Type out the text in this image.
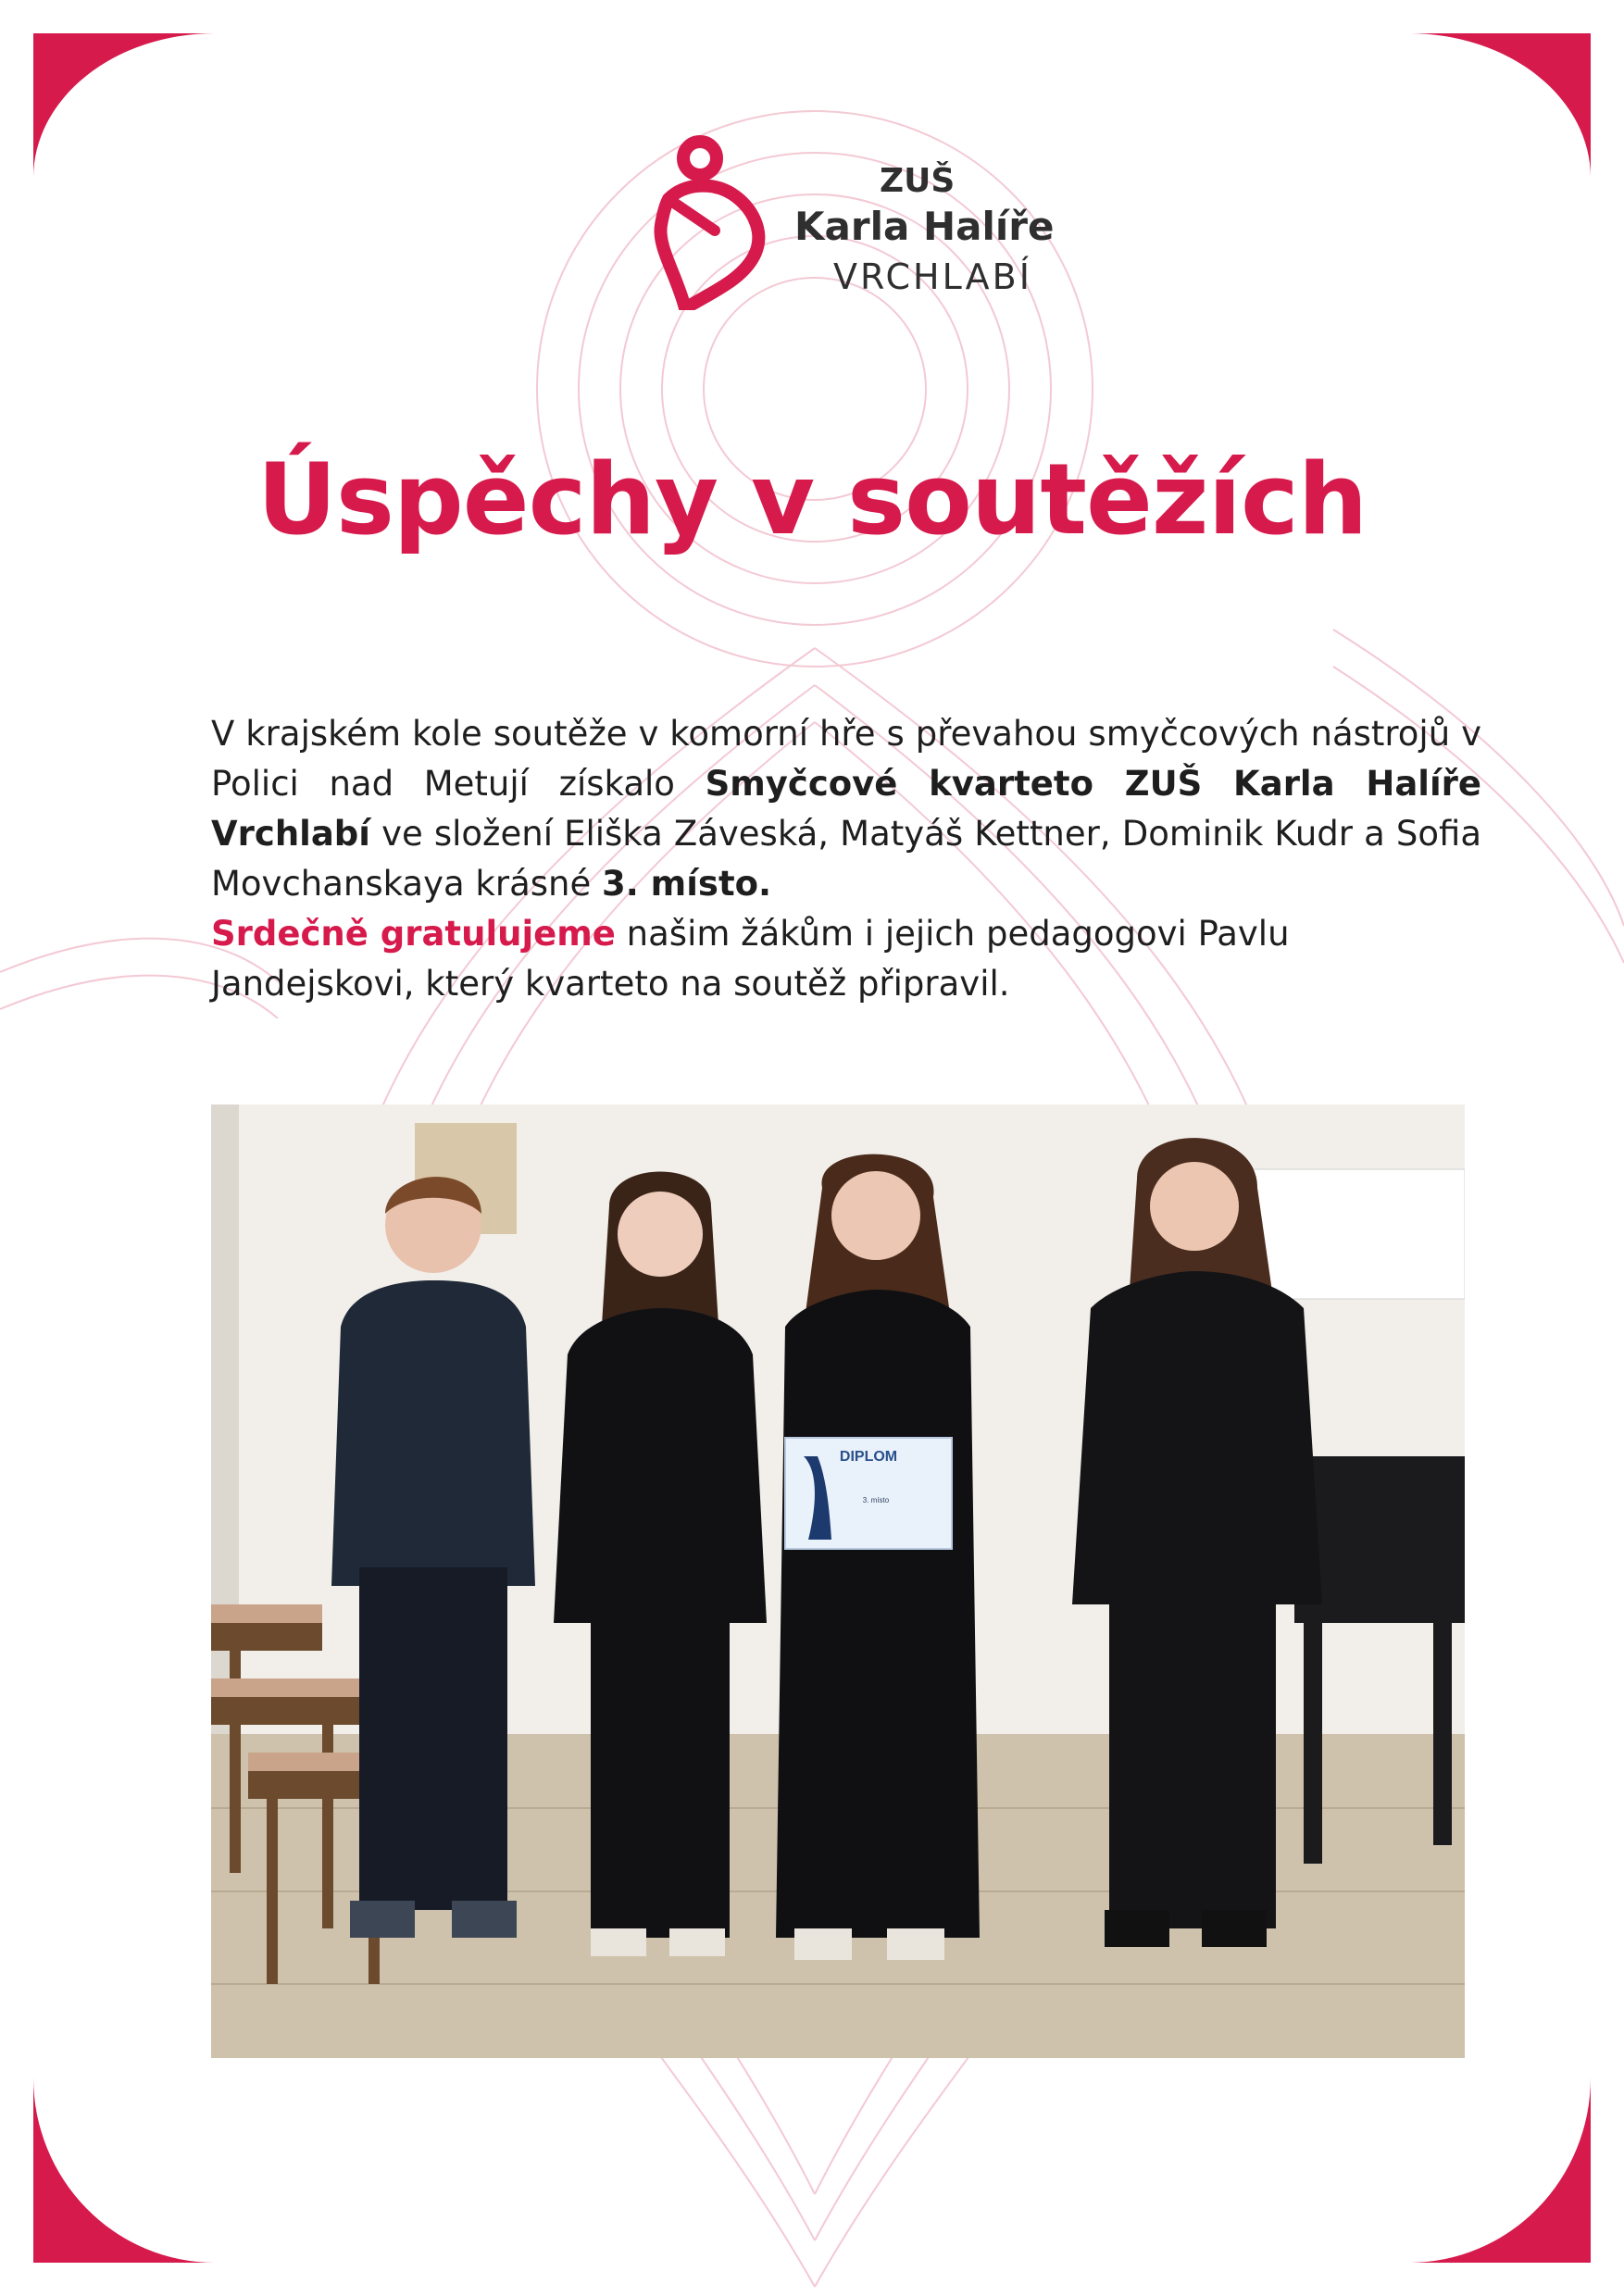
ZUŠ
Karla Halíře
VRCHLABÍ
Úspěchy v soutěžích

V krajském kole soutěže v komorní hře s převahou smyčcových nástrojů v Polici nad Metují získalo Smyčcové kvarteto ZUŠ Karla Halíře Vrchlabí ve složení Eliška Záveská, Matyáš Kettner, Dominik Kudr a Sofia Movchanskaya krásné 3. místo.

Srdečně gratulujeme našim žákům i jejich pedagogovi Pavlu Jandejskovi, který kvarteto na soutěž připravil.

DIPLOM
3. místo
